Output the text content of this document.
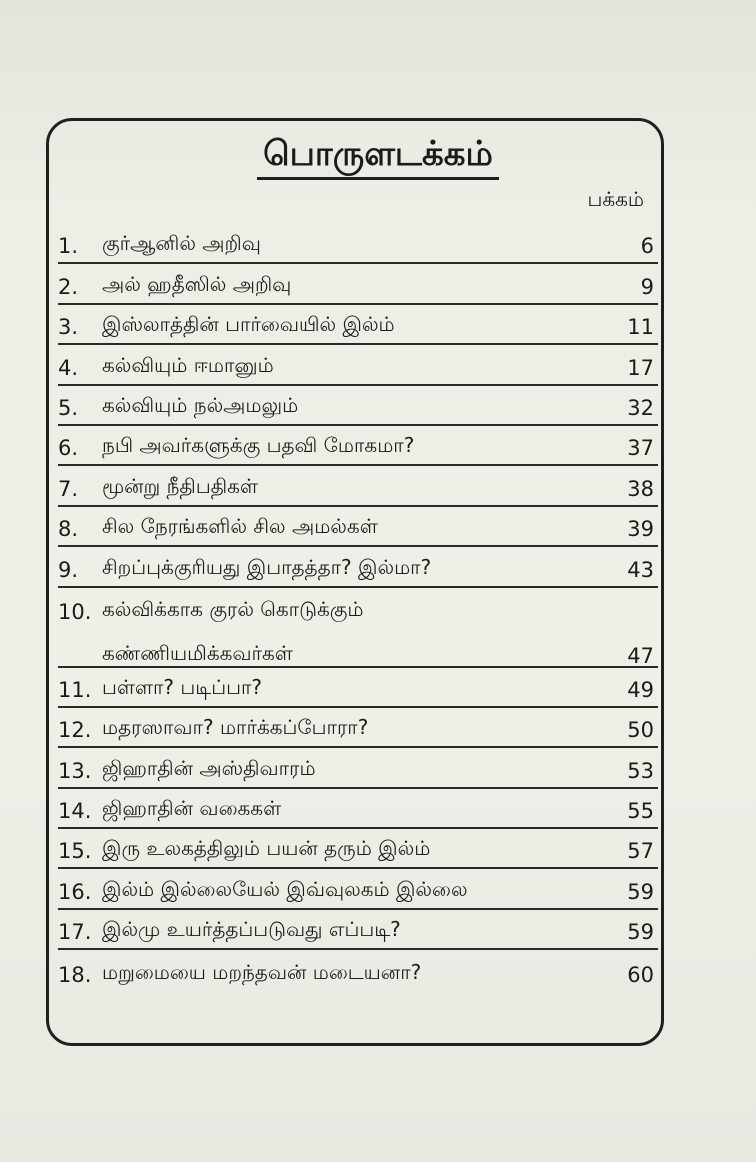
பொருளடக்கம்
பக்கம்
1.	குர்ஆனில் அறிவு	6
2.	அல் ஹதீஸில் அறிவு	9
3.	இஸ்லாத்தின் பார்வையில் இல்ம்	11
4.	கல்வியும் ஈமானும்	17
5.	கல்வியும் நல்அமலும்	32
6.	நபி அவர்களுக்கு பதவி மோகமா?	37
7.	மூன்று நீதிபதிகள்	38
8.	சில நேரங்களில் சில அமல்கள்	39
9.	சிறப்புக்குரியது இபாதத்தா? இல்மா?	43
10. கல்விக்காக குரல் கொடுக்கும்
கண்ணியமிக்கவர்கள்	47
11. பள்ளா? படிப்பா?	49
12. மதரஸாவா? மார்க்கப்போரா?	50
13. ஜிஹாதின் அஸ்திவாரம்	53
14. ஜிஹாதின் வகைகள்	55
15. இரு உலகத்திலும் பயன் தரும் இல்ம்	57
16. இல்ம் இல்லையேல் இவ்வுலகம் இல்லை	59
17. இல்மு உயர்த்தப்படுவது எப்படி?	59
18. மறுமையை மறந்தவன் மடையனா?	60
